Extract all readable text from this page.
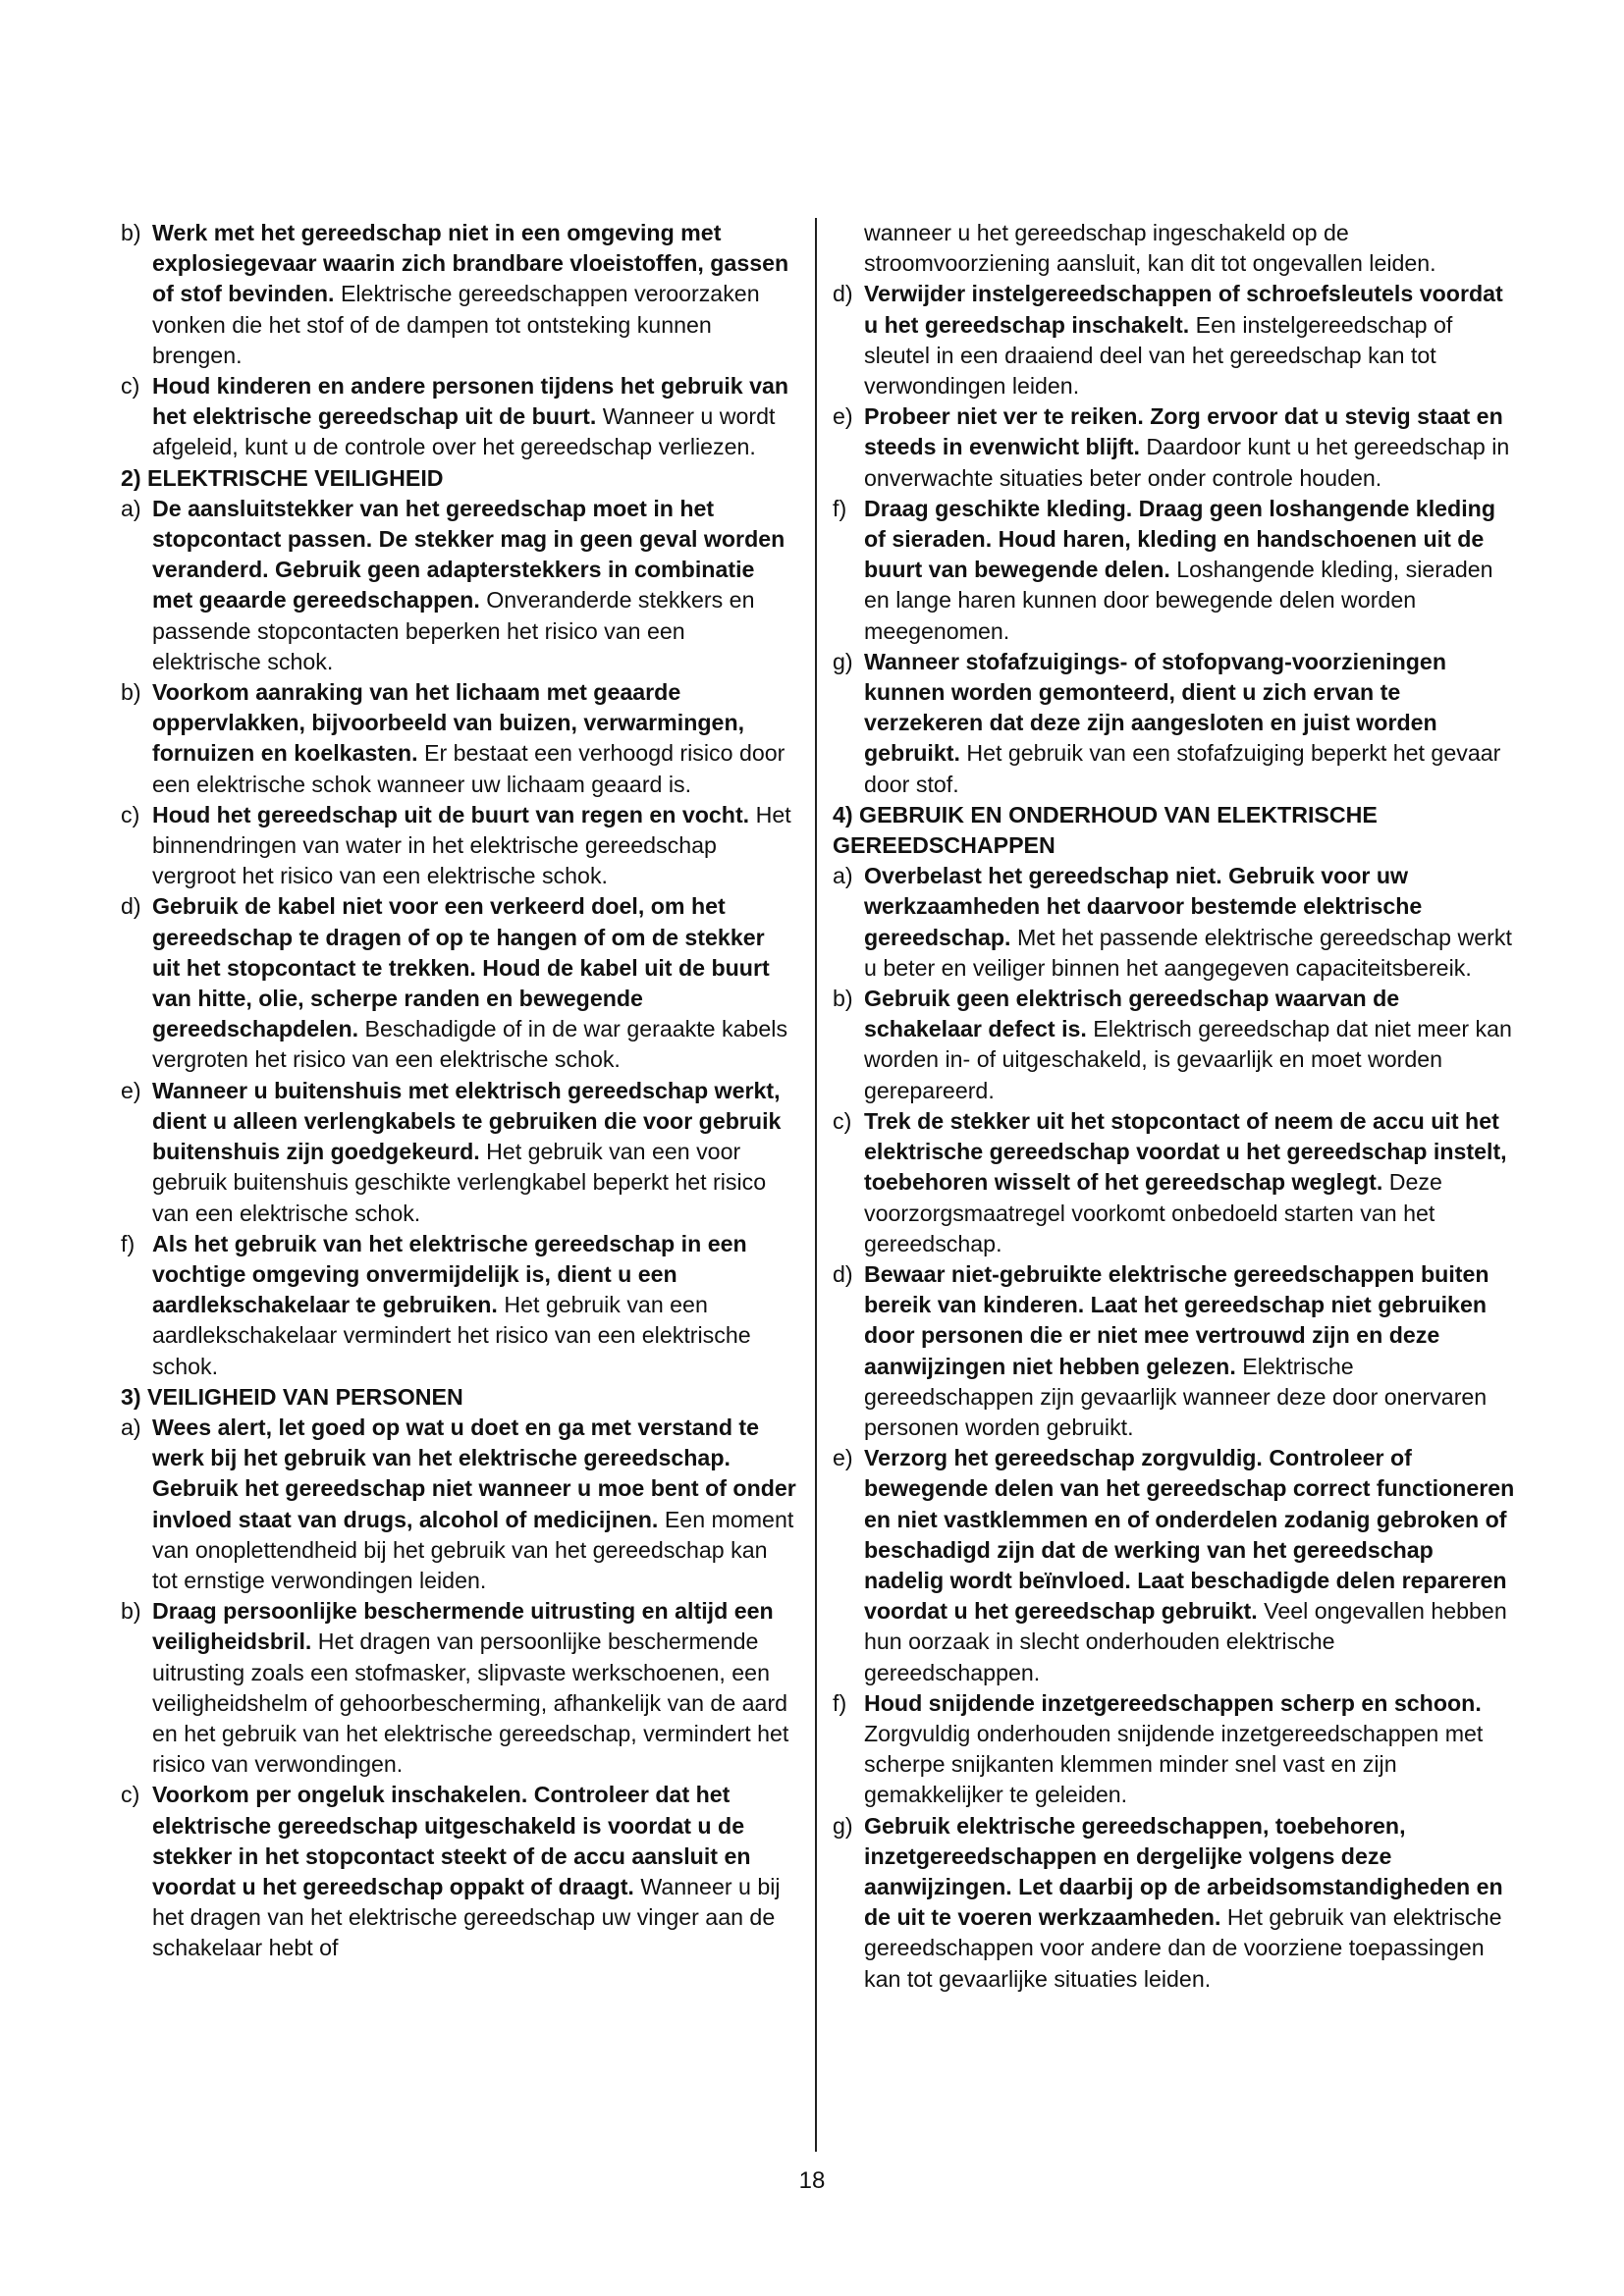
b) Werk met het gereedschap niet in een omgeving met explosiegevaar waarin zich brandbare vloeistoffen, gassen of stof bevinden. Elektrische gereedschappen veroorzaken vonken die het stof of de dampen tot ontsteking kunnen brengen.

c) Houd kinderen en andere personen tijdens het gebruik van het elektrische gereedschap uit de buurt. Wanneer u wordt afgeleid, kunt u de controle over het gereedschap verliezen.

2) ELEKTRISCHE VEILIGHEID

a) De aansluitstekker van het gereedschap moet in het stopcontact passen. De stekker mag in geen geval worden veranderd. Gebruik geen adapterstekkers in combinatie met geaarde gereedschappen. Onveranderde stekkers en passende stopcontacten beperken het risico van een elektrische schok.

b) Voorkom aanraking van het lichaam met geaarde oppervlakken, bijvoorbeeld van buizen, verwarmingen, fornuizen en koelkasten. Er bestaat een verhoogd risico door een elektrische schok wanneer uw lichaam geaard is.

c) Houd het gereedschap uit de buurt van regen en vocht. Het binnendringen van water in het elektrische gereedschap vergroot het risico van een elektrische schok.

d) Gebruik de kabel niet voor een verkeerd doel, om het gereedschap te dragen of op te hangen of om de stekker uit het stopcontact te trekken. Houd de kabel uit de buurt van hitte, olie, scherpe randen en bewegende gereedschapdelen. Beschadigde of in de war geraakte kabels vergroten het risico van een elektrische schok.

e) Wanneer u buitenshuis met elektrisch gereedschap werkt, dient u alleen verlengkabels te gebruiken die voor gebruik buitenshuis zijn goedgekeurd. Het gebruik van een voor gebruik buitenshuis geschikte verlengkabel beperkt het risico van een elektrische schok.

f) Als het gebruik van het elektrische gereedschap in een vochtige omgeving onvermijdelijk is, dient u een aardlekschakelaar te gebruiken. Het gebruik van een aardlekschakelaar vermindert het risico van een elektrische schok.

3) VEILIGHEID VAN PERSONEN

a) Wees alert, let goed op wat u doet en ga met verstand te werk bij het gebruik van het elektrische gereedschap. Gebruik het gereedschap niet wanneer u moe bent of onder invloed staat van drugs, alcohol of medicijnen. Een moment van onoplettendheid bij het gebruik van het gereedschap kan tot ernstige verwondingen leiden.

b) Draag persoonlijke beschermende uitrusting en altijd een veiligheidsbril. Het dragen van persoonlijke beschermende uitrusting zoals een stofmasker, slipvaste werkschoenen, een veiligheidshelm of gehoorbescherming, afhankelijk van de aard en het gebruik van het elektrische gereedschap, vermindert het risico van verwondingen.

c) Voorkom per ongeluk inschakelen. Controleer dat het elektrische gereedschap uitgeschakeld is voordat u de stekker in het stopcontact steekt of de accu aansluit en voordat u het gereedschap oppakt of draagt. Wanneer u bij het dragen van het elektrische gereedschap uw vinger aan de schakelaar hebt of

wanneer u het gereedschap ingeschakeld op de stroomvoorziening aansluit, kan dit tot ongevallen leiden.

d) Verwijder instelgereedschappen of schroefsleutels voordat u het gereedschap inschakelt. Een instelgereedschap of sleutel in een draaiend deel van het gereedschap kan tot verwondingen leiden.

e) Probeer niet ver te reiken. Zorg ervoor dat u stevig staat en steeds in evenwicht blijft. Daardoor kunt u het gereedschap in onverwachte situaties beter onder controle houden.

f) Draag geschikte kleding. Draag geen loshangende kleding of sieraden. Houd haren, kleding en handschoenen uit de buurt van bewegende delen. Loshangende kleding, sieraden en lange haren kunnen door bewegende delen worden meegenomen.

g) Wanneer stofafzuigings- of stofopvang-voorzieningen kunnen worden gemonteerd, dient u zich ervan te verzekeren dat deze zijn aangesloten en juist worden gebruikt. Het gebruik van een stofafzuiging beperkt het gevaar door stof.

4) GEBRUIK EN ONDERHOUD VAN ELEKTRISCHE
GEREEDSCHAPPEN

a) Overbelast het gereedschap niet. Gebruik voor uw werkzaamheden het daarvoor bestemde elektrische gereedschap. Met het passende elektrische gereedschap werkt u beter en veiliger binnen het aangegeven capaciteitsbereik.

b) Gebruik geen elektrisch gereedschap waarvan de schakelaar defect is. Elektrisch gereedschap dat niet meer kan worden in- of uitgeschakeld, is gevaarlijk en moet worden gerepareerd.

c) Trek de stekker uit het stopcontact of neem de accu uit het elektrische gereedschap voordat u het gereedschap instelt, toebehoren wisselt of het gereedschap weglegt. Deze voorzorgsmaatregel voorkomt onbedoeld starten van het gereedschap.

d) Bewaar niet-gebruikte elektrische gereedschappen buiten bereik van kinderen. Laat het gereedschap niet gebruiken door personen die er niet mee vertrouwd zijn en deze aanwijzingen niet hebben gelezen. Elektrische gereedschappen zijn gevaarlijk wanneer deze door onervaren personen worden gebruikt.

e) Verzorg het gereedschap zorgvuldig. Controleer of bewegende delen van het gereedschap correct functioneren en niet vastklemmen en of onderdelen zodanig gebroken of beschadigd zijn dat de werking van het gereedschap nadelig wordt beïnvloed. Laat beschadigde delen repareren voordat u het gereedschap gebruikt. Veel ongevallen hebben hun oorzaak in slecht onderhouden elektrische gereedschappen.

f) Houd snijdende inzetgereedschappen scherp en schoon. Zorgvuldig onderhouden snijdende inzetgereedschappen met scherpe snijkanten klemmen minder snel vast en zijn gemakkelijker te geleiden.

g) Gebruik elektrische gereedschappen, toebehoren, inzetgereedschappen en dergelijke volgens deze aanwijzingen. Let daarbij op de arbeidsomstandigheden en de uit te voeren werkzaamheden. Het gebruik van elektrische gereedschappen voor andere dan de voorziene toepassingen kan tot gevaarlijke situaties leiden.

18
